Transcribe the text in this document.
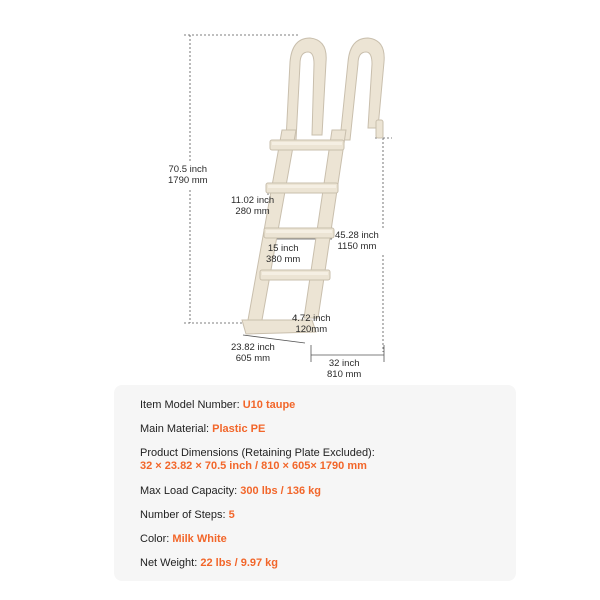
70.5 inch
1790 mm
11.02 inch
280 mm
15 inch
380 mm
45.28 inch
1150 mm
4.72 inch
120mm
23.82 inch
605 mm	32 inch
810 mm
Item Model Number: U10 taupe
Main Material: Plastic PE
Product Dimensions (Retaining Plate Excluded):
32 × 23.82 × 70.5 inch / 810 × 605× 1790 mm
Max Load Capacity: 300 lbs / 136 kg
Number of Steps: 5
Color: Milk White
Net Weight: 22 lbs / 9.97 kg
